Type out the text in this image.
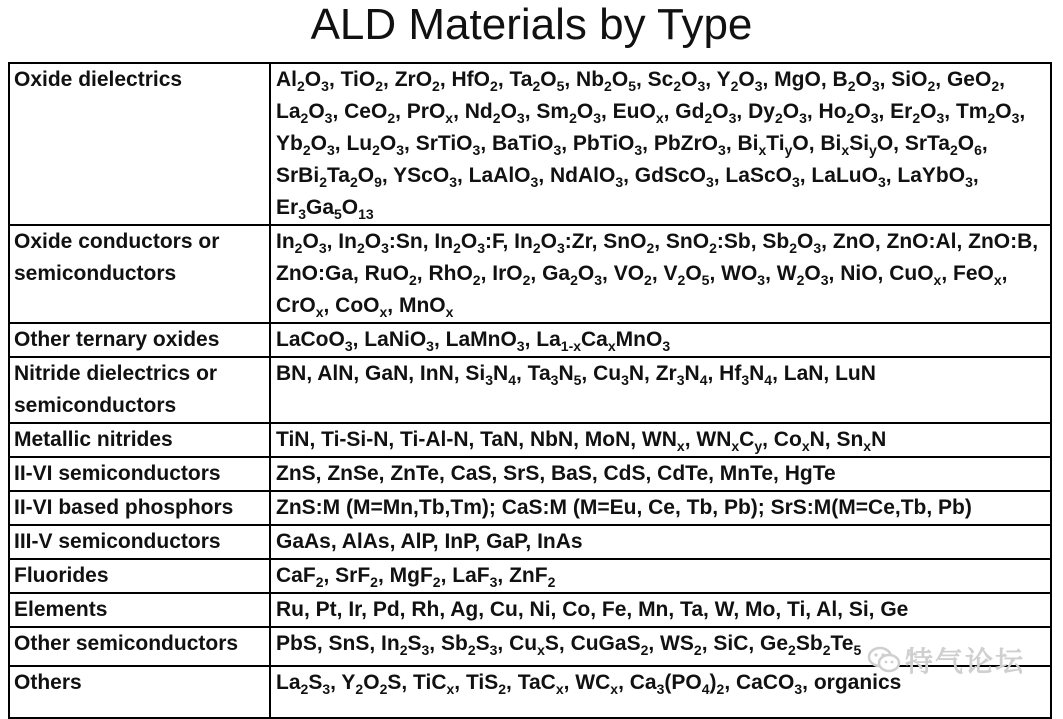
ALD Materials by Type
Oxide dielectrics	$Al_2O_3$, TiO$_2$, ZrO$_2$, HfO$_2$, $Ta_2O_5$, $Nb_2O_5$, $Sc_2O_3$, $Y_2O_3$, MgO, $B_2O_3$, SiO$_2$, GeO$_2$, $La_2O_3$, CeO$_2$, PrO$_x$, $Nd_2O_3$, $Sm_2O_3$, EuO$_x$, $Gd_2O_3$, $Dy_2O_3$, $Ho_2O_3$, $Er_2O_3$, $Tm_2O_3$, $Yb_2O_3$, $Lu_2O_3$, SrTiO$_3$, BaTiO$_3$, PbTiO$_3$, PbZrO$_3$, $Bi_xTi_yO$, $Bi_xSi_yO$, $SrTa_2O_6$, $SrBi_2Ta_2O_9$, YScO$_3$, LaAlO$_3$, NdAlO$_3$, GdScO$_3$, LaScO$_3$, LaLuO$_3$, LaYbO$_3$, $Er_3Ga_5O_{13}$
Oxide conductors or semiconductors	$In_2O_3$, $In_2O_3:Sn$, $In_2O_3:F$, $In_2O_3:Zr$, SnO$_2$, SnO$_2$:Sb, $Sb_2O_3$, ZnO, ZnO:Al, ZnO:B, ZnO:Ga, RuO$_2$, RhO$_2$, IrO$_2$, $Ga_2O_3$, $VO_2$, $V_2O_5$, $WO_3$, $W_2O_3$, NiO, CuO$_x$, FeO$_x$, CrO$_x$, CoO$_x$, MnO$_x$
Other ternary oxides	LaCoO$_3$, LaNiO$_3$, LaMnO$_3$, $La_{1-x}Ca_xMnO_3$
Nitride dielectrics or semiconductors	BN, AlN, GaN, InN, $Si_3N_4$, $Ta_3N_5$, $Cu_3N$, $Zr_3N_4$, $Hf_3N_4$, LaN, LuN
Metallic nitrides	TiN, Ti-Si-N, Ti-Al-N, TaN, NbN, MoN, $WN_x$, $WN_xC_y$, $Co_xN$, $Sn_xN$
II-VI semiconductors	ZnS, ZnSe, ZnTe, CaS, SrS, BaS, CdS, CdTe, MnTe, HgTe
II-VI based phosphors	ZnS:M (M=Mn,Tb,Tm); CaS:M (M=Eu, Ce, Tb, Pb); SrS:M(M=Ce,Tb, Pb)
III-V semiconductors	GaAs, AlAs, AlP, InP, GaP, InAs
Fluorides	CaF$_2$, SrF$_2$, MgF$_2$, LaF$_3$, ZnF$_2$
Elements	Ru, Pt, Ir, Pd, Rh, Ag, Cu, Ni, Co, Fe, Mn, Ta, W, Mo, Ti, Al, Si, Ge
Other semiconductors	PbS, SnS, $In_2S_3$, $Sb_2S_3$, $Cu_xS$, CuGaS$_2$, $WS_2$, SiC, $Ge_2Sb_2Te_5$
Others	$La_2S_3$, $Y_2O_2S$, TiC$_x$, TiS$_2$, TaC$_x$, $WC_x$, $Ca_3(PO_4)_2$, CaCO$_3$, organics
特气论坛
